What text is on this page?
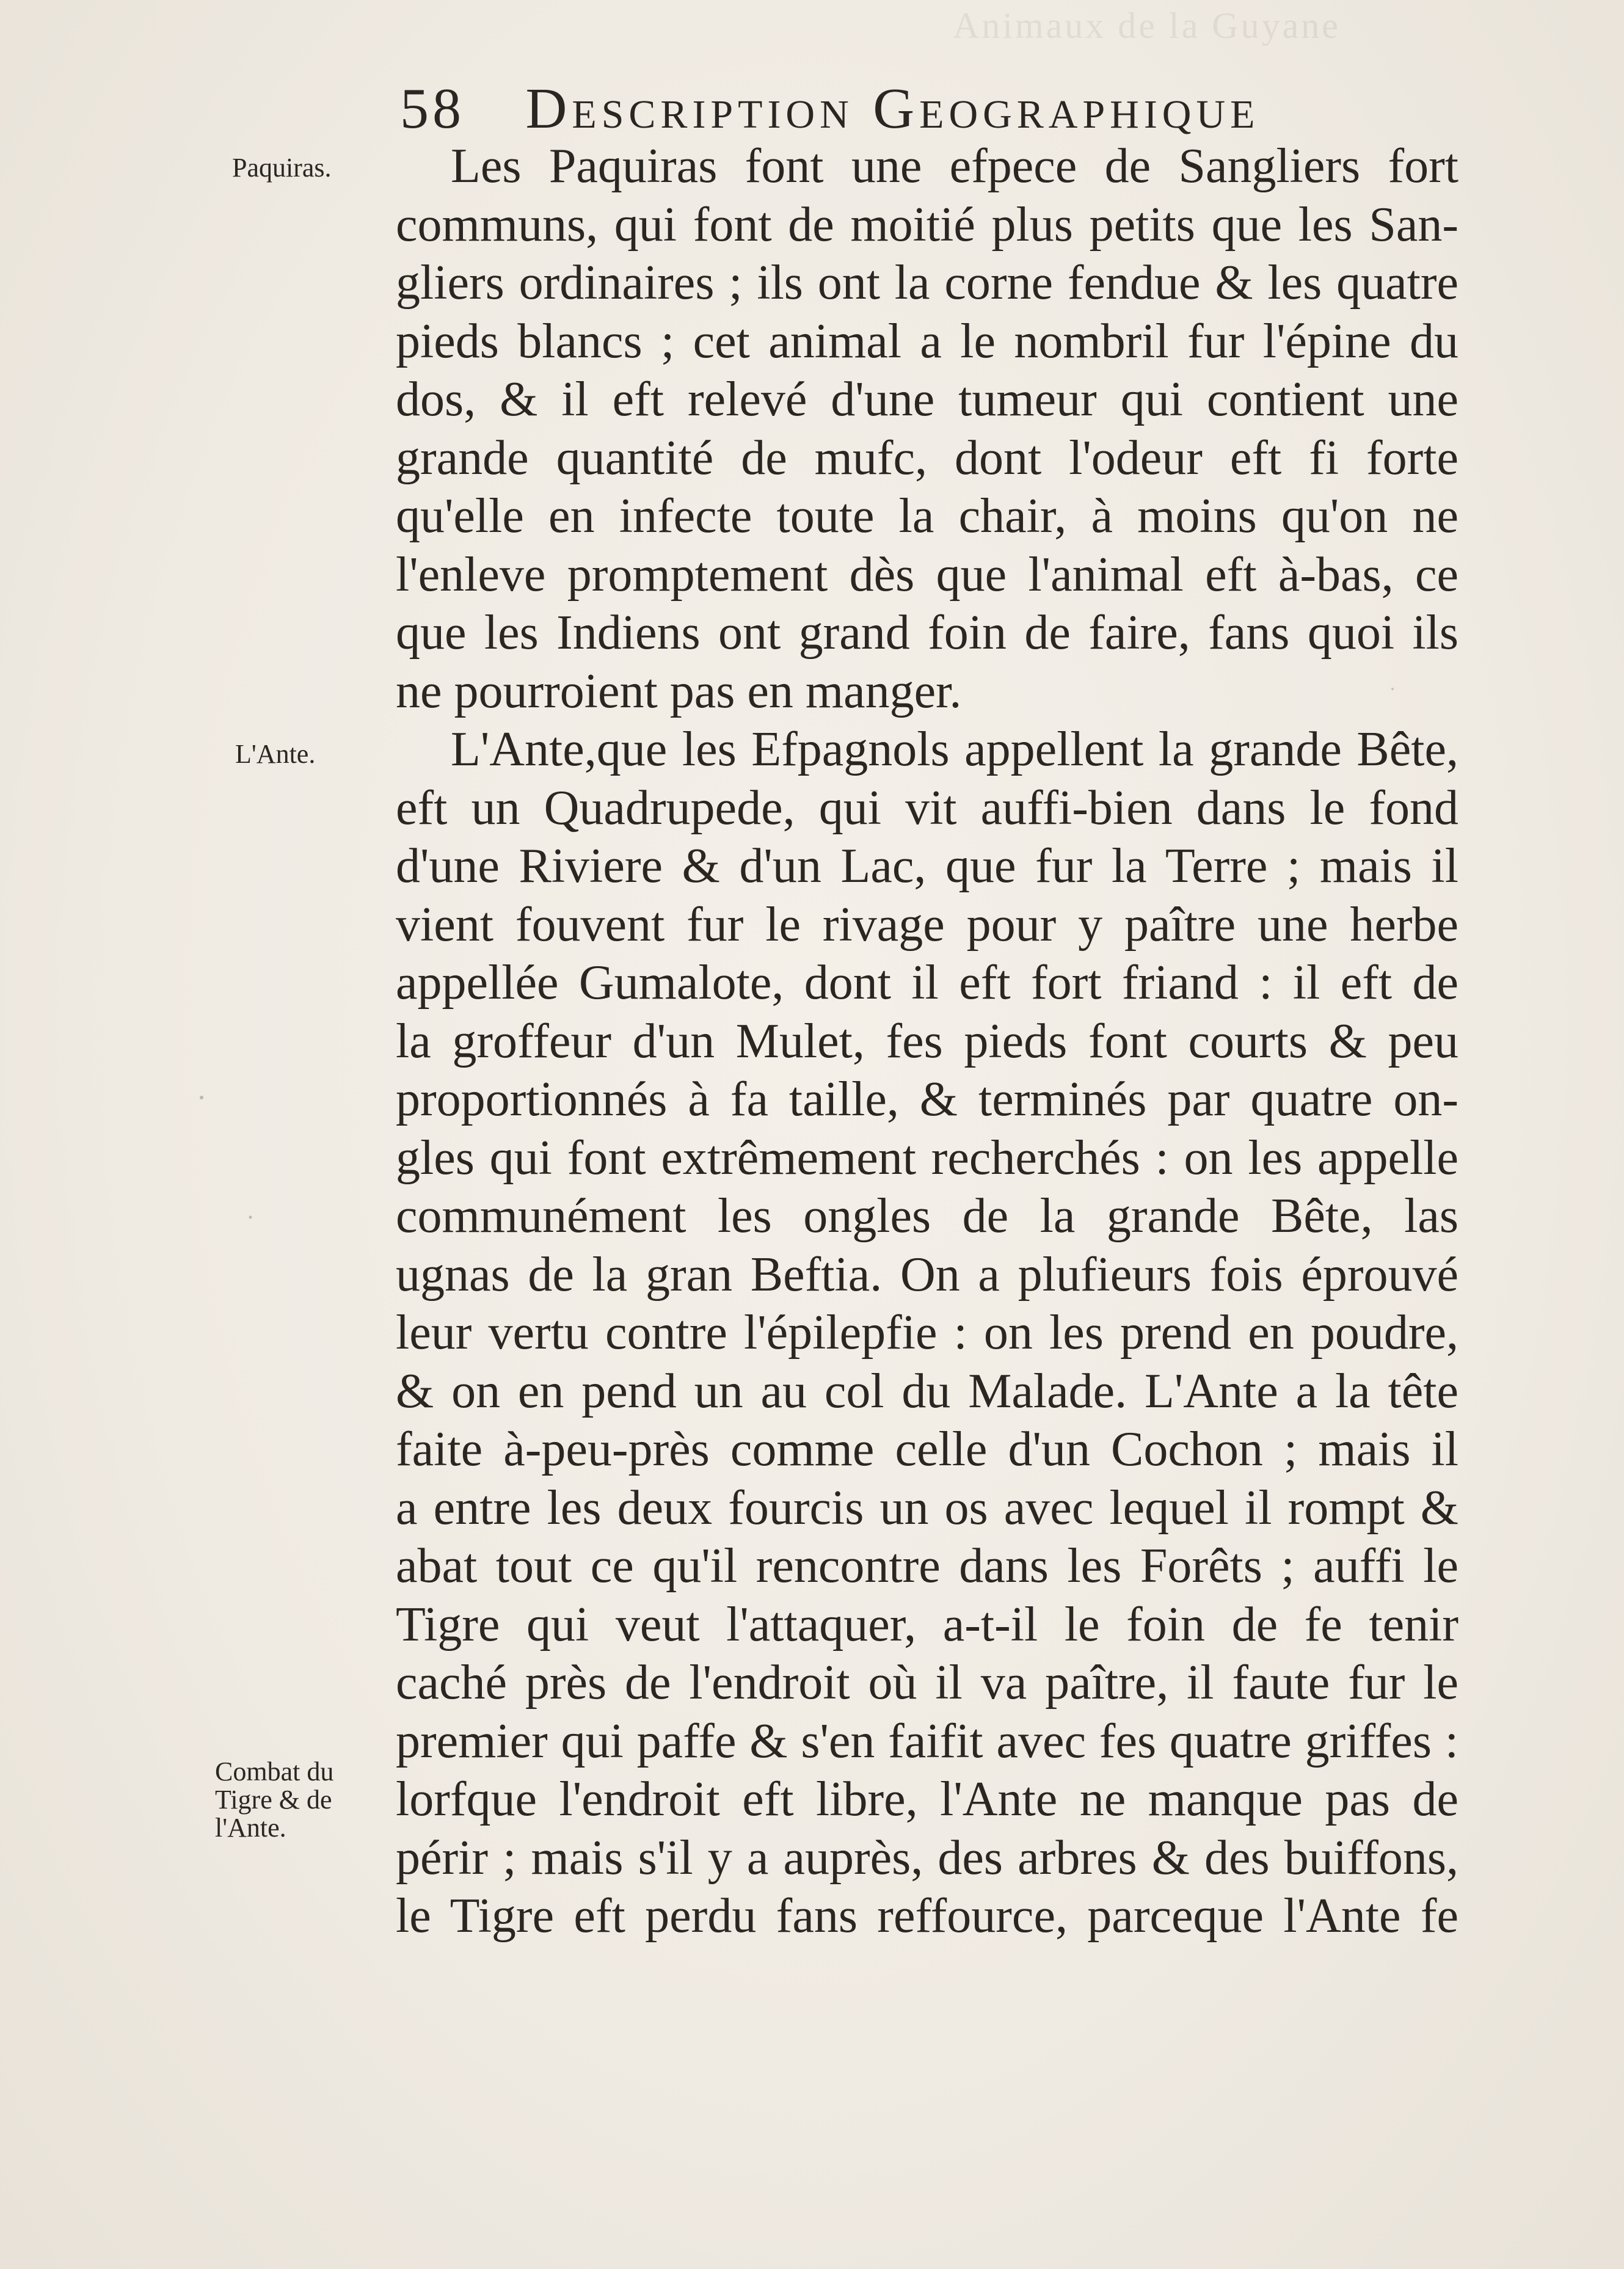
Animaux de la Guyane
58 Description Geographique
Paquiras.
L'Ante.
Combat du
Tigre & de
l'Ante.
Les Paquiras font une efpece de Sangliers fort
communs, qui font de moitié plus petits que les San-
gliers ordinaires ; ils ont la corne fendue & les quatre
pieds blancs ; cet animal a le nombril fur l'épine du
dos, & il eft relevé d'une tumeur qui contient une
grande quantité de mufc, dont l'odeur eft fi forte
qu'elle en infecte toute la chair, à moins qu'on ne
l'enleve promptement dès que l'animal eft à-bas, ce
que les Indiens ont grand foin de faire, fans quoi ils
ne pourroient pas en manger.
L'Ante,que les Efpagnols appellent la grande Bête,
eft un Quadrupede, qui vit auffi-bien dans le fond
d'une Riviere & d'un Lac, que fur la Terre ; mais il
vient fouvent fur le rivage pour y paître une herbe
appellée Gumalote, dont il eft fort friand : il eft de
la groffeur d'un Mulet, fes pieds font courts & peu
proportionnés à fa taille, & terminés par quatre on-
gles qui font extrêmement recherchés : on les appelle
communément les ongles de la grande Bête, las
ugnas de la gran Beftia. On a plufieurs fois éprouvé
leur vertu contre l'épilepfie : on les prend en poudre,
& on en pend un au col du Malade. L'Ante a la tête
faite à-peu-près comme celle d'un Cochon ; mais il
a entre les deux fourcis un os avec lequel il rompt &
abat tout ce qu'il rencontre dans les Forêts ; auffi le
Tigre qui veut l'attaquer, a-t-il le foin de fe tenir
caché près de l'endroit où il va paître, il faute fur le
premier qui paffe & s'en faifit avec fes quatre griffes :
lorfque l'endroit eft libre, l'Ante ne manque pas de
périr ; mais s'il y a auprès, des arbres & des buiffons,
le Tigre eft perdu fans reffource, parceque l'Ante fe
